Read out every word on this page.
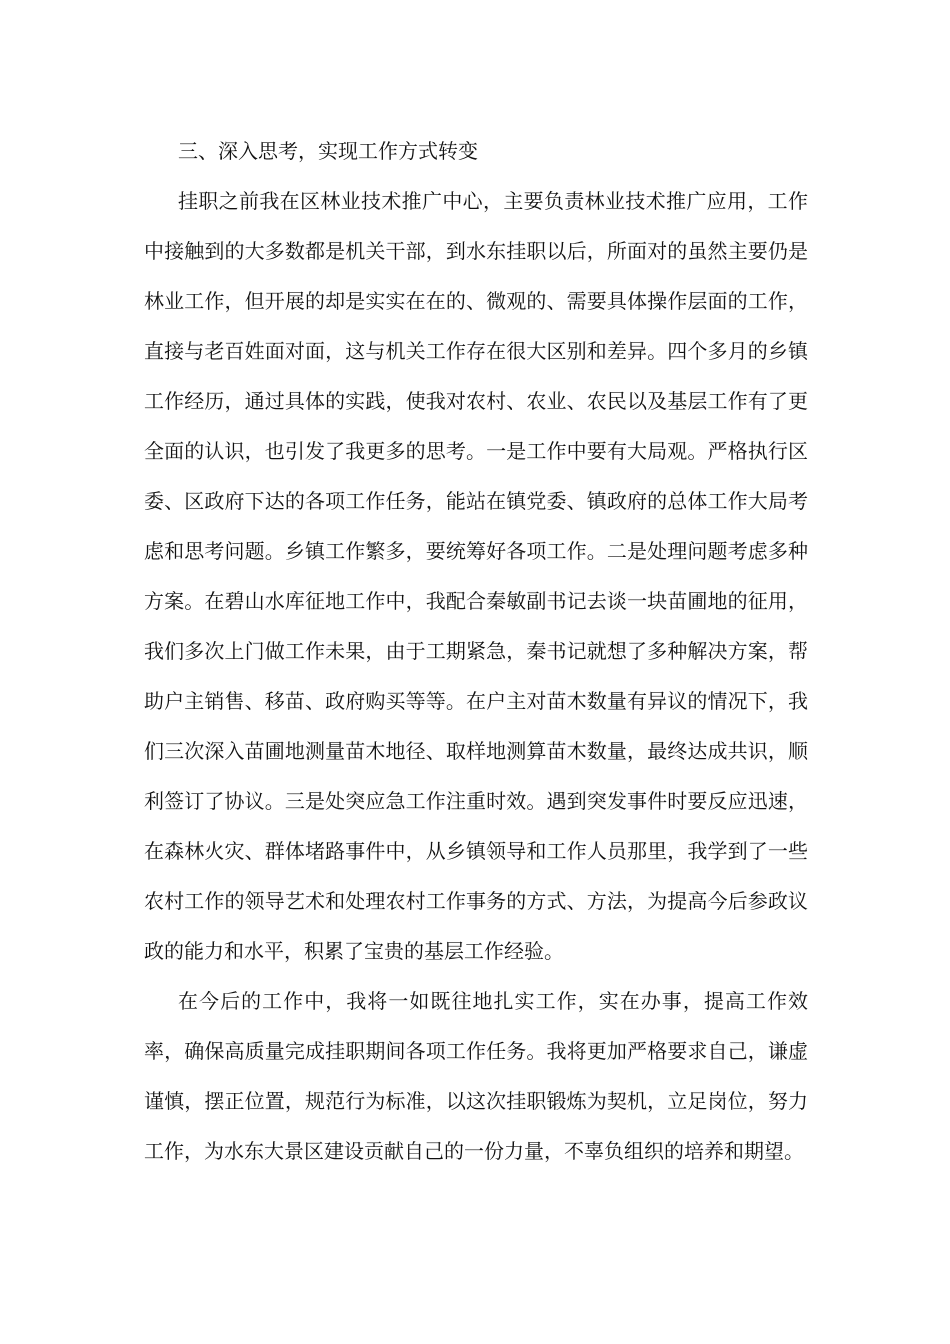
三、深入思考，实现工作方式转变

挂职之前我在区林业技术推广中心，主要负责林业技术推广应用，工作中接触到的大多数都是机关干部，到水东挂职以后，所面对的虽然主要仍是林业工作，但开展的却是实实在在的、微观的、需要具体操作层面的工作，直接与老百姓面对面，这与机关工作存在很大区别和差异。四个多月的乡镇工作经历，通过具体的实践，使我对农村、农业、农民以及基层工作有了更全面的认识，也引发了我更多的思考。一是工作中要有大局观。严格执行区委、区政府下达的各项工作任务，能站在镇党委、镇政府的总体工作大局考虑和思考问题。乡镇工作繁多，要统筹好各项工作。二是处理问题考虑多种方案。在碧山水库征地工作中，我配合秦敏副书记去谈一块苗圃地的征用，我们多次上门做工作未果，由于工期紧急，秦书记就想了多种解决方案，帮助户主销售、移苗、政府购买等等。在户主对苗木数量有异议的情况下，我们三次深入苗圃地测量苗木地径、取样地测算苗木数量，最终达成共识，顺利签订了协议。三是处突应急工作注重时效。遇到突发事件时要反应迅速，在森林火灾、群体堵路事件中，从乡镇领导和工作人员那里，我学到了一些农村工作的领导艺术和处理农村工作事务的方式、方法，为提高今后参政议政的能力和水平，积累了宝贵的基层工作经验。

在今后的工作中，我将一如既往地扎实工作，实在办事，提高工作效率，确保高质量完成挂职期间各项工作任务。我将更加严格要求自己，谦虚谨慎，摆正位置，规范行为标准，以这次挂职锻炼为契机，立足岗位，努力工作，为水东大景区建设贡献自己的一份力量，不辜负组织的培养和期望。
